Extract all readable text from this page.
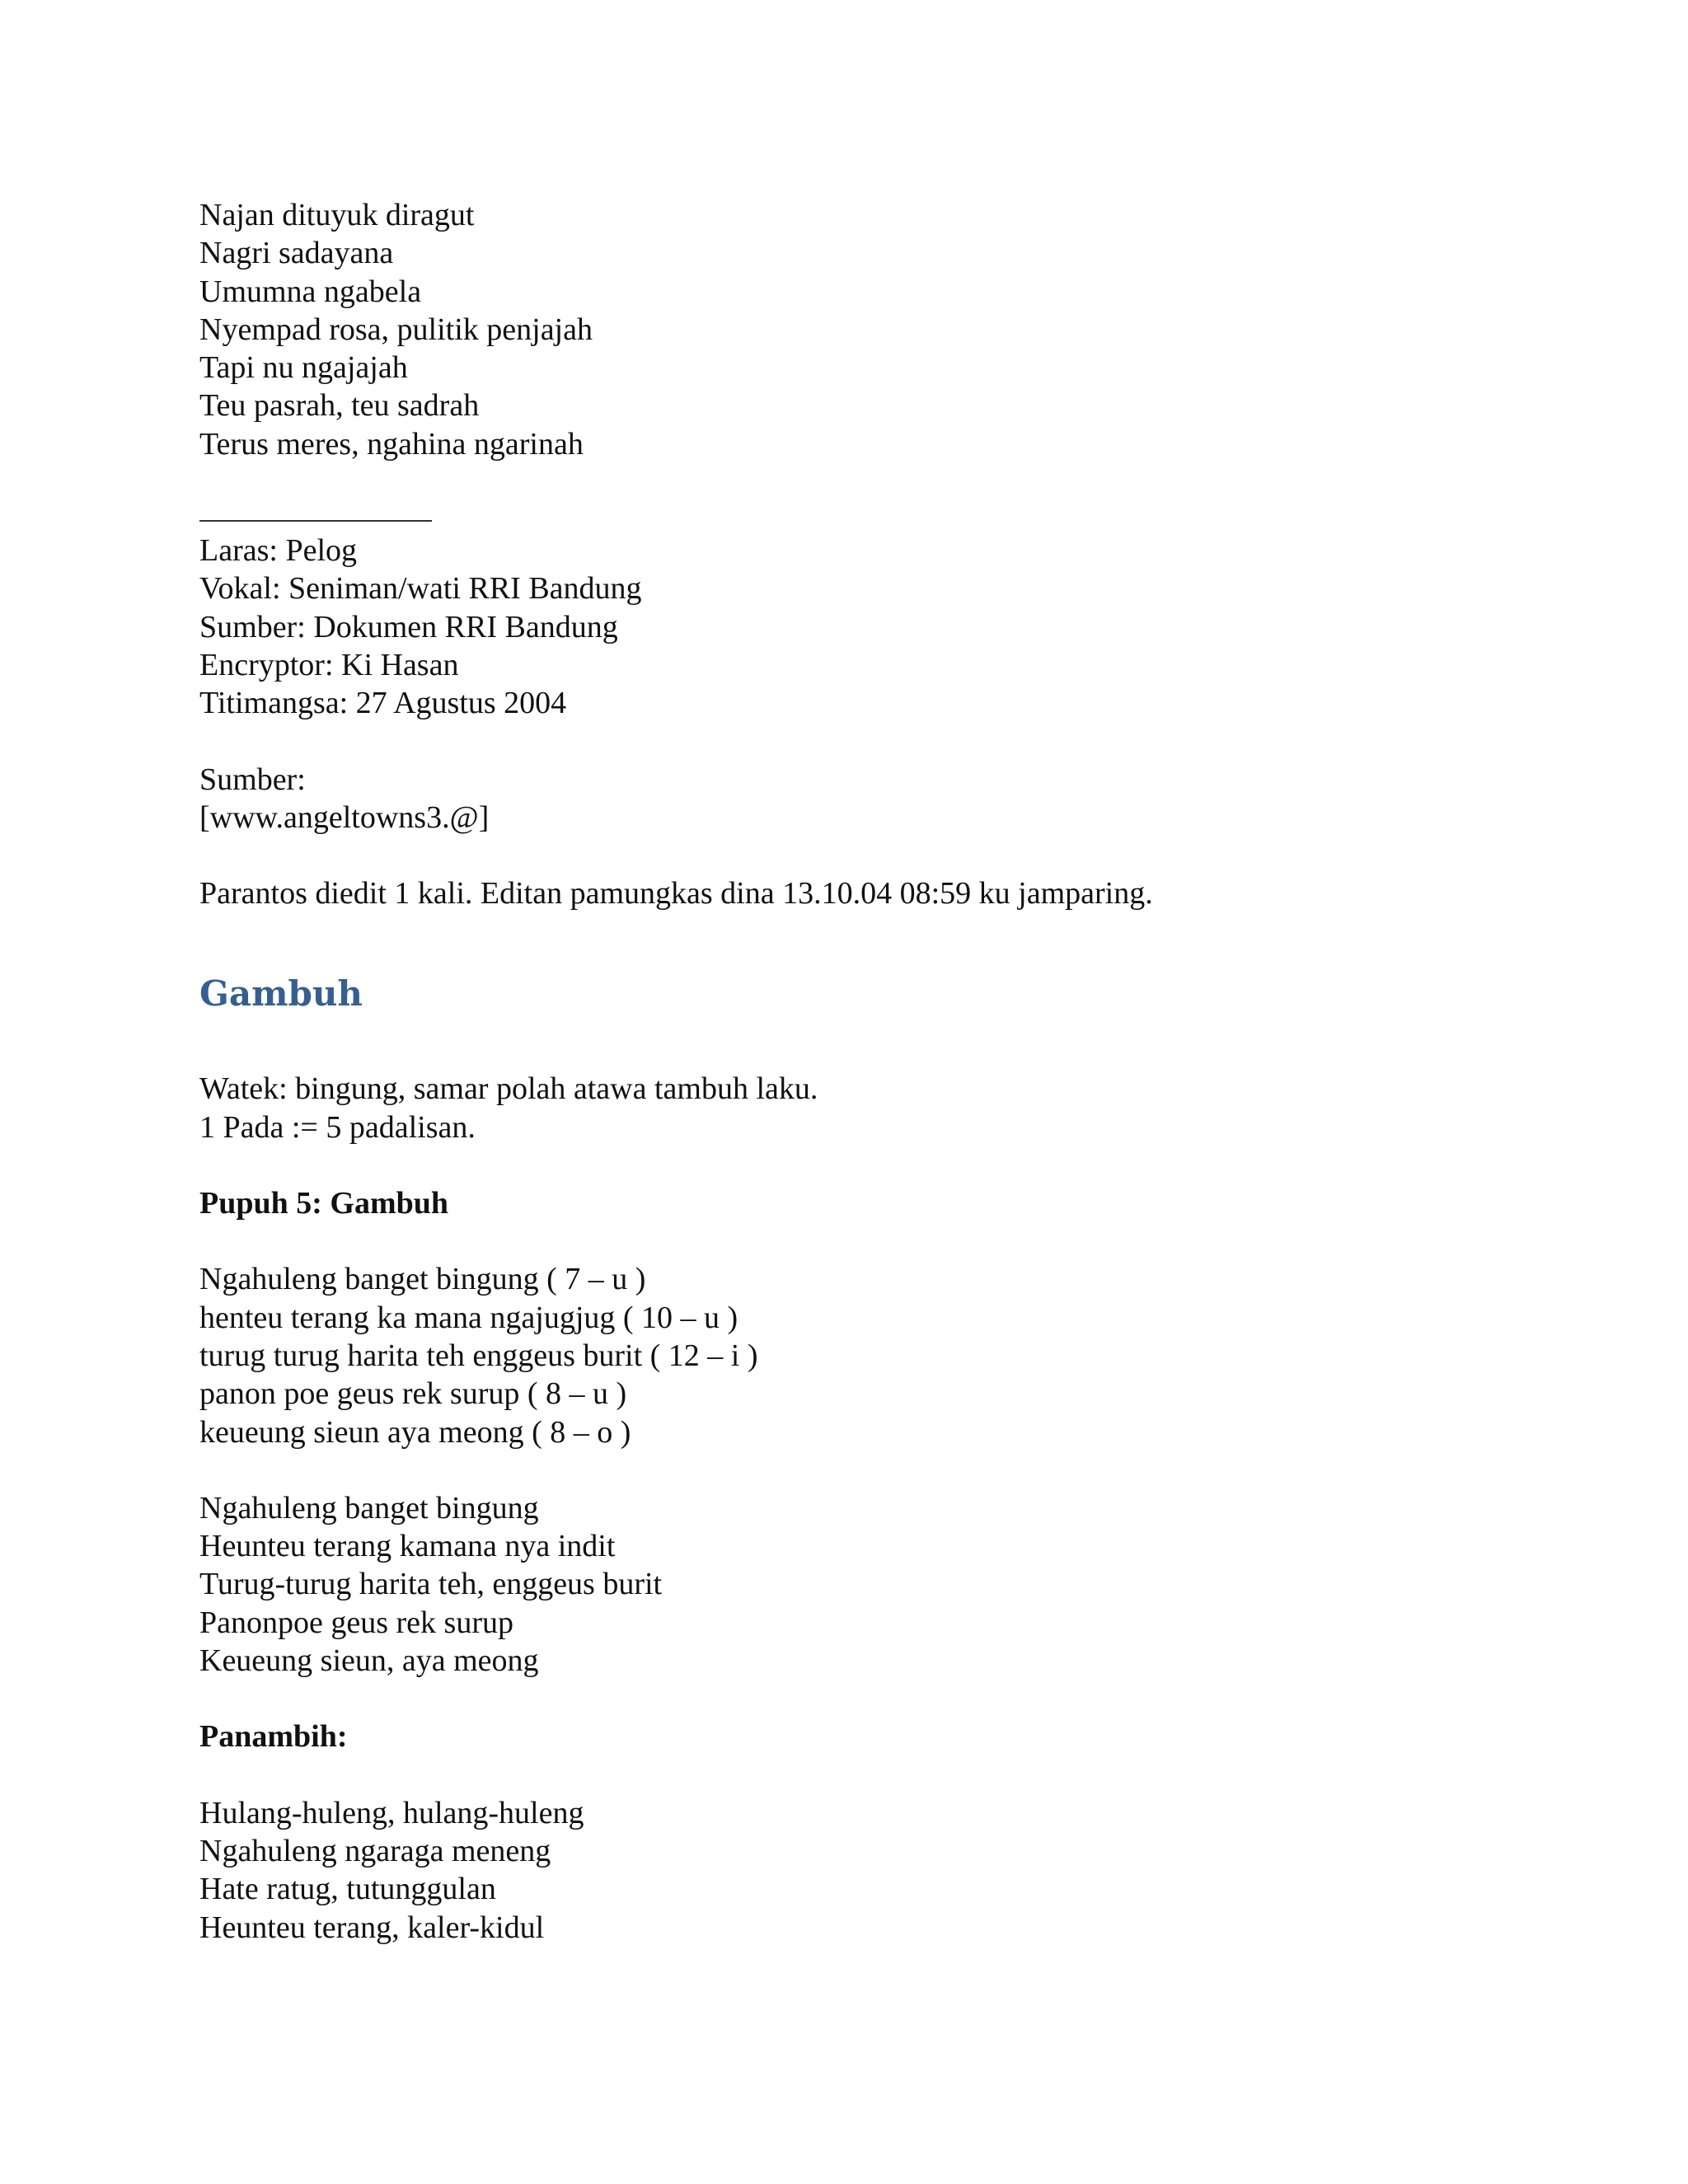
Najan dituyuk diragut
Nagri sadayana
Umumna ngabela
Nyempad rosa, pulitik penjajah
Tapi nu ngajajah
Teu pasrah, teu sadrah
Terus meres, ngahina ngarinah
Laras: Pelog
Vokal: Seniman/wati RRI Bandung
Sumber: Dokumen RRI Bandung
Encryptor: Ki Hasan
Titimangsa: 27 Agustus 2004
Sumber:
[www.angeltowns3.@]
Parantos diedit 1 kali. Editan pamungkas dina 13.10.04 08:59 ku jamparing.
Gambuh
Watek: bingung, samar polah atawa tambuh laku.
1 Pada := 5 padalisan.
Pupuh 5: Gambuh
Ngahuleng banget bingung ( 7 – u )
henteu terang ka mana ngajugjug ( 10 – u )
turug turug harita teh enggeus burit ( 12 – i )
panon poe geus rek surup ( 8 – u )
keueung sieun aya meong ( 8 – o )
Ngahuleng banget bingung
Heunteu terang kamana nya indit
Turug-turug harita teh, enggeus burit
Panonpoe geus rek surup
Keueung sieun, aya meong
Panambih:
Hulang-huleng, hulang-huleng
Ngahuleng ngaraga meneng
Hate ratug, tutunggulan
Heunteu terang, kaler-kidul
